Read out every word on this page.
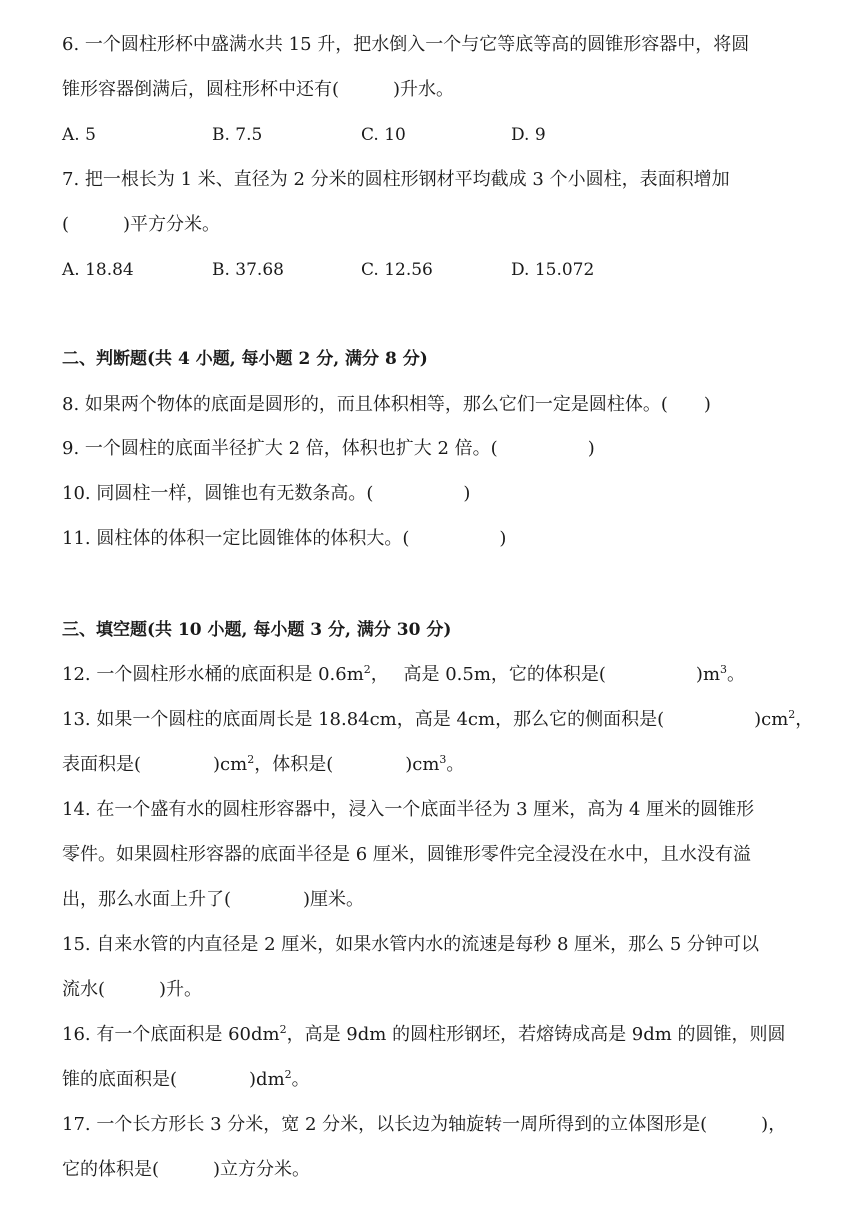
6. 一个圆柱形杯中盛满水共 15 升，把水倒入一个与它等底等高的圆锥形容器中，将圆
锥形容器倒满后，圆柱形杯中还有(　　　)升水。
A. 5	B. 7.5	C. 10	D. 9
7. 把一根长为 1 米、直径为 2 分米的圆柱形钢材平均截成 3 个小圆柱，表面积增加
(　　　)平方分米。
A. 18.84	B. 37.68	C. 12.56	D. 15.072
二、判断题(共 4 小题, 每小题 2 分, 满分 8 分)
8. 如果两个物体的底面是圆形的，而且体积相等，那么它们一定是圆柱体。(　　)
9. 一个圆柱的底面半径扩大 2 倍，体积也扩大 2 倍。(　　　　　)
10. 同圆柱一样，圆锥也有无数条高。(　　　　　)
11. 圆柱体的体积一定比圆锥体的体积大。(　　　　　)
三、填空题(共 10 小题, 每小题 3 分, 满分 30 分)
12. 一个圆柱形水桶的底面积是 $0.6m^2$，　 高是 0.5m，它的体积是(　　　　　)$m^3$。
13. 如果一个圆柱的底面周长是 18.84cm，高是 4cm，那么它的侧面积是(　　　　　)$cm^2$，
表面积是(　　　　)$cm^2$，体积是(　　　　)$cm^3$。
14. 在一个盛有水的圆柱形容器中，浸入一个底面半径为 3 厘米，高为 4 厘米的圆锥形
零件。如果圆柱形容器的底面半径是 6 厘米，圆锥形零件完全浸没在水中，且水没有溢
出，那么水面上升了(　　　　)厘米。
15. 自来水管的内直径是 2 厘米，如果水管内水的流速是每秒 8 厘米，那么 5 分钟可以
流水(　　　)升。
16. 有一个底面积是 $60dm^2$，高是 9dm 的圆柱形钢坯，若熔铸成高是 9dm 的圆锥，则圆
锥的底面积是(　　　　)$dm^2$。
17. 一个长方形长 3 分米，宽 2 分米，以长边为轴旋转一周所得到的立体图形是(　　　)，
它的体积是(　　　)立方分米。
